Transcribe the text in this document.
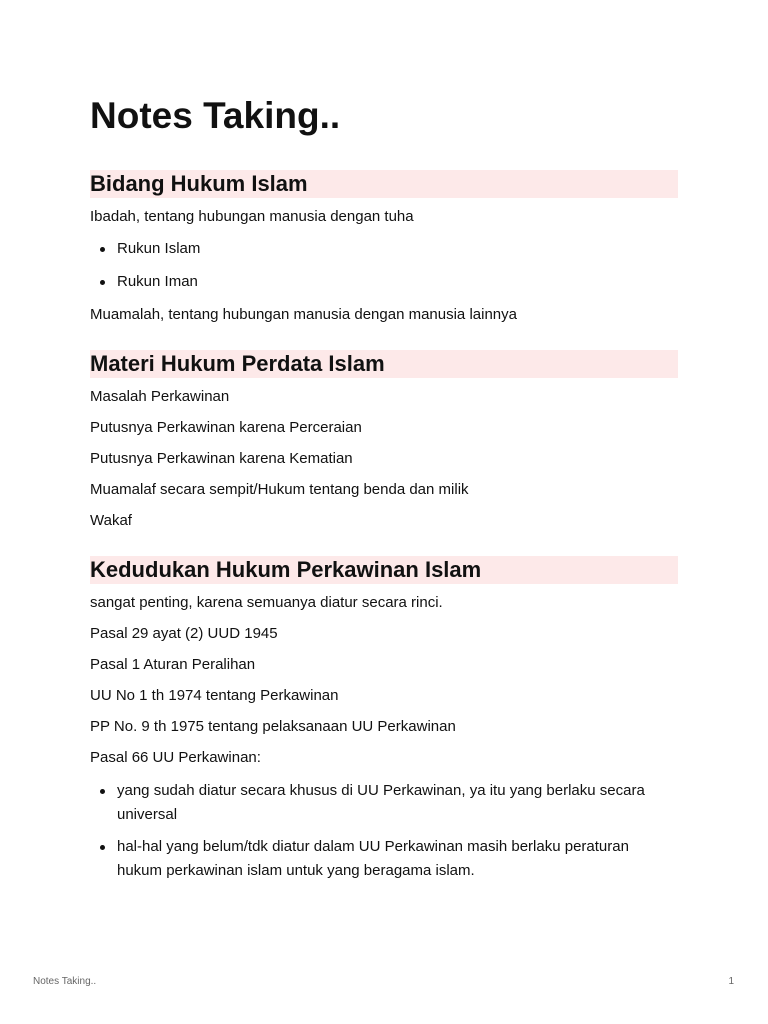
Notes Taking..
Bidang Hukum Islam

Ibadah, tentang hubungan manusia dengan tuha

Rukun Islam
Rukun Iman

Muamalah, tentang hubungan manusia dengan manusia lainnya

Materi Hukum Perdata Islam

Masalah Perkawinan

Putusnya Perkawinan karena Perceraian

Putusnya Perkawinan karena Kematian

Muamalaf secara sempit/Hukum tentang benda dan milik

Wakaf

Kedudukan Hukum Perkawinan Islam

sangat penting, karena semuanya diatur secara rinci.

Pasal 29 ayat (2) UUD 1945

Pasal 1 Aturan Peralihan

UU No 1 th 1974 tentang Perkawinan

PP No. 9 th 1975 tentang pelaksanaan UU Perkawinan

Pasal 66 UU Perkawinan:

yang sudah diatur secara khusus di UU Perkawinan, ya itu yang berlaku secara universal
hal-hal yang belum/tdk diatur dalam UU Perkawinan masih berlaku peraturan hukum perkawinan islam untuk yang beragama islam.
Notes Taking..	1
